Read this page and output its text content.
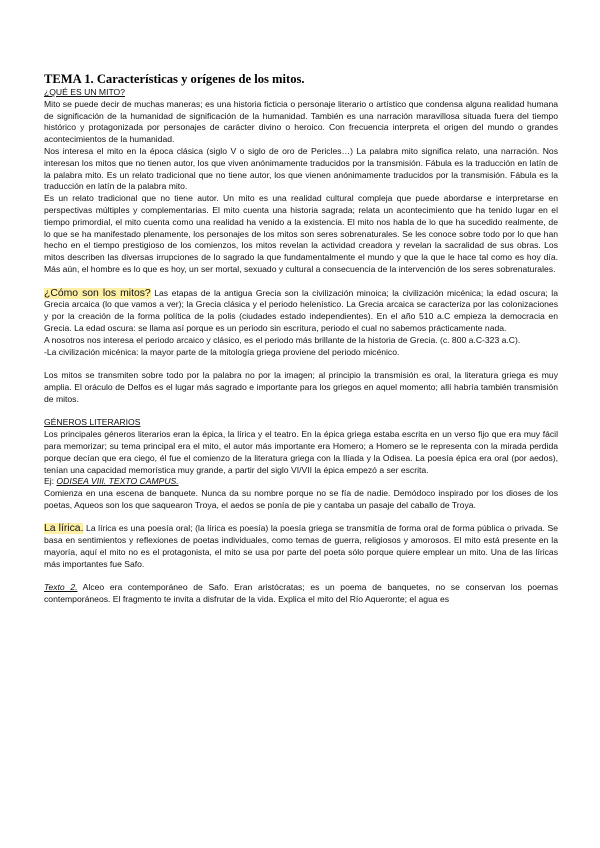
TEMA 1. Características y orígenes de los mitos.

¿QUÉ ES UN MITO?

Mito se puede decir de muchas maneras; es una historia ficticia o personaje literario o artístico que condensa alguna realidad humana de significación de la humanidad de significación de la humanidad. También es una narración maravillosa situada fuera del tiempo histórico y protagonizada por personajes de carácter divino o heroico. Con frecuencia interpreta el origen del mundo o grandes acontecimientos de la humanidad.

Nos interesa el mito en la época clásica (siglo V o siglo de oro de Pericles…) La palabra mito significa relato, una narración. Nos interesan los mitos que no tienen autor, los que viven anónimamente traducidos por la transmisión. Fábula es la traducción en latín de la palabra mito. Es un relato tradicional que no tiene autor, los que vienen anónimamente traducidos por la transmisión. Fábula es la traducción en latín de la palabra mito.

Es un relato tradicional que no tiene autor. Un mito es una realidad cultural compleja que puede abordarse e interpretarse en perspectivas múltiples y complementarias. El mito cuenta una historia sagrada; relata un acontecimiento que ha tenido lugar en el tiempo primordial, el mito cuenta como una realidad ha venido a la existencia. El mito nos habla de lo que ha sucedido realmente, de lo que se ha manifestado plenamente, los personajes de los mitos son seres sobrenaturales. Se les conoce sobre todo por lo que han hecho en el tiempo prestigioso de los comienzos, los mitos revelan la actividad creadora y revelan la sacralidad de sus obras. Los mitos describen las diversas irrupciones de lo sagrado la que fundamentalmente el mundo y que la que le hace tal como es hoy día. Más aún, el hombre es lo que es hoy, un ser mortal, sexuado y cultural a consecuencia de la intervención de los seres sobrenaturales.

¿Cómo son los mitos? Las etapas de la antigua Grecia son la civilización minoica; la civilización micénica; la edad oscura; la Grecia arcaica (lo que vamos a ver); la Grecia clásica y el periodo helenístico. La Grecia arcaica se caracteriza por las colonizaciones y por la creación de la forma política de la polis (ciudades estado independientes). En el año 510 a.C empieza la democracia en Grecia. La edad oscura: se llama así porque es un periodo sin escritura, periodo el cual no sabemos prácticamente nada.

A nosotros nos interesa el periodo arcaico y clásico, es el periodo más brillante de la historia de Grecia. (c. 800 a.C-323 a.C).

-La civilización micénica: la mayor parte de la mitología griega proviene del periodo micénico.

Los mitos se transmiten sobre todo por la palabra no por la imagen; al principio la transmisión es oral, la literatura griega es muy amplia. El oráculo de Delfos es el lugar más sagrado e importante para los griegos en aquel momento; allí habría también transmisión de mitos.

GÉNEROS LITERARIOS

Los principales géneros literarios eran la épica, la lírica y el teatro. En la épica griega estaba escrita en un verso fijo que era muy fácil para memorizar; su tema principal era el mito, el autor más importante era Homero; a Homero se le representa con la mirada perdida porque decían que era ciego, él fue el comienzo de la literatura griega con la Ilíada y la Odisea. La poesía épica era oral (por aedos), tenían una capacidad memorística muy grande, a partir del siglo VI/VII la épica empezó a ser escrita.

Ej: ODISEA VIII. TEXTO CAMPUS.

Comienza en una escena de banquete. Nunca da su nombre porque no se fía de nadie. Demódoco inspirado por los dioses de los poetas, Aqueos son los que saquearon Troya, el aedos se ponía de pie y cantaba un pasaje del caballo de Troya.

La lírica. La lírica es una poesía oral; (la lírica es poesía) la poesía griega se transmitía de forma oral de forma pública o privada. Se basa en sentimientos y reflexiones de poetas individuales, como temas de guerra, religiosos y amorosos. El mito está presente en la mayoría, aquí el mito no es el protagonista, el mito se usa por parte del poeta sólo porque quiere emplear un mito. Una de las líricas más importantes fue Safo.

Texto 2. Alceo era contemporáneo de Safo. Eran aristócratas; es un poema de banquetes, no se conservan los poemas contemporáneos. El fragmento te invita a disfrutar de la vida. Explica el mito del Río Aqueronte; el agua es
